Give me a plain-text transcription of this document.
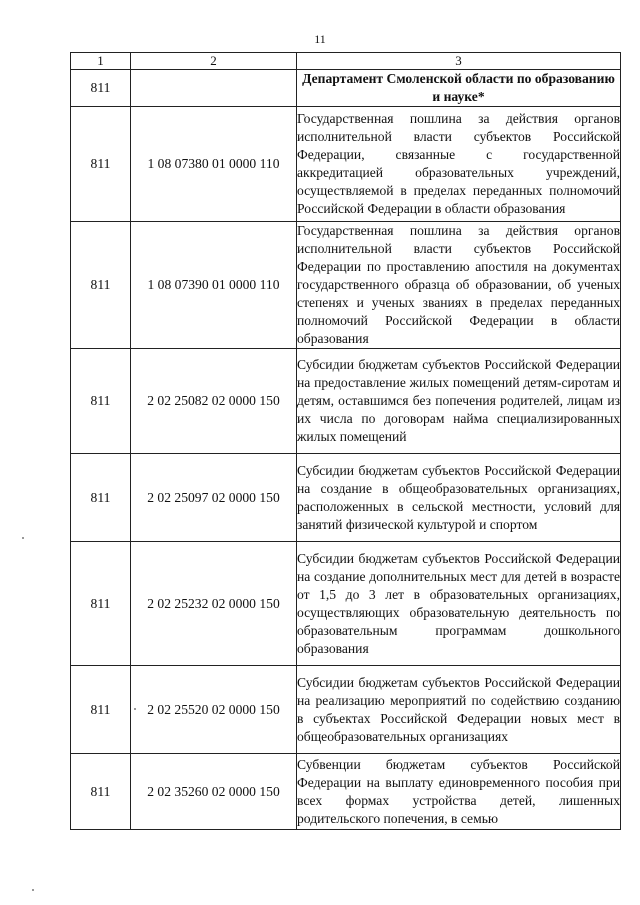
11
1	2	3
811		Департамент Смоленской области по образованию и науке*
811	1 08 07380 01 0000 110	Государственная пошлина за действия органов исполнительной власти субъектов Российской Федерации, связанные с государственной аккредитацией образовательных учреждений, осуществляемой в пределах переданных полномочий Российской Федерации в области образования
811	1 08 07390 01 0000 110	Государственная пошлина за действия органов исполнительной власти субъектов Российской Федерации по проставлению апостиля на документах государственного образца об образовании, об ученых степенях и ученых званиях в пределах переданных полномочий Российской Федерации в области образования
811	2 02 25082 02 0000 150	Субсидии бюджетам субъектов Российской Федерации на предоставление жилых помещений детям-сиротам и детям, оставшимся без попечения родителей, лицам из их числа по договорам найма специализированных жилых помещений
811	2 02 25097 02 0000 150	Субсидии бюджетам субъектов Российской Федерации на создание в общеобразовательных организациях, расположенных в сельской местности, условий для занятий физической культурой и спортом
811	2 02 25232 02 0000 150	Субсидии бюджетам субъектов Российской Федерации на создание дополнительных мест для детей в возрасте от 1,5 до 3 лет в образовательных организациях, осуществляющих образовательную деятельность по образовательным программам дошкольного образования
811	2 02 25520 02 0000 150	Субсидии бюджетам субъектов Российской Федерации на реализацию мероприятий по содействию созданию в субъектах Российской Федерации новых мест в общеобразовательных организациях
811	2 02 35260 02 0000 150	Субвенции бюджетам субъектов Российской Федерации на выплату единовременного пособия при всех формах устройства детей, лишенных родительского попечения, в семью
